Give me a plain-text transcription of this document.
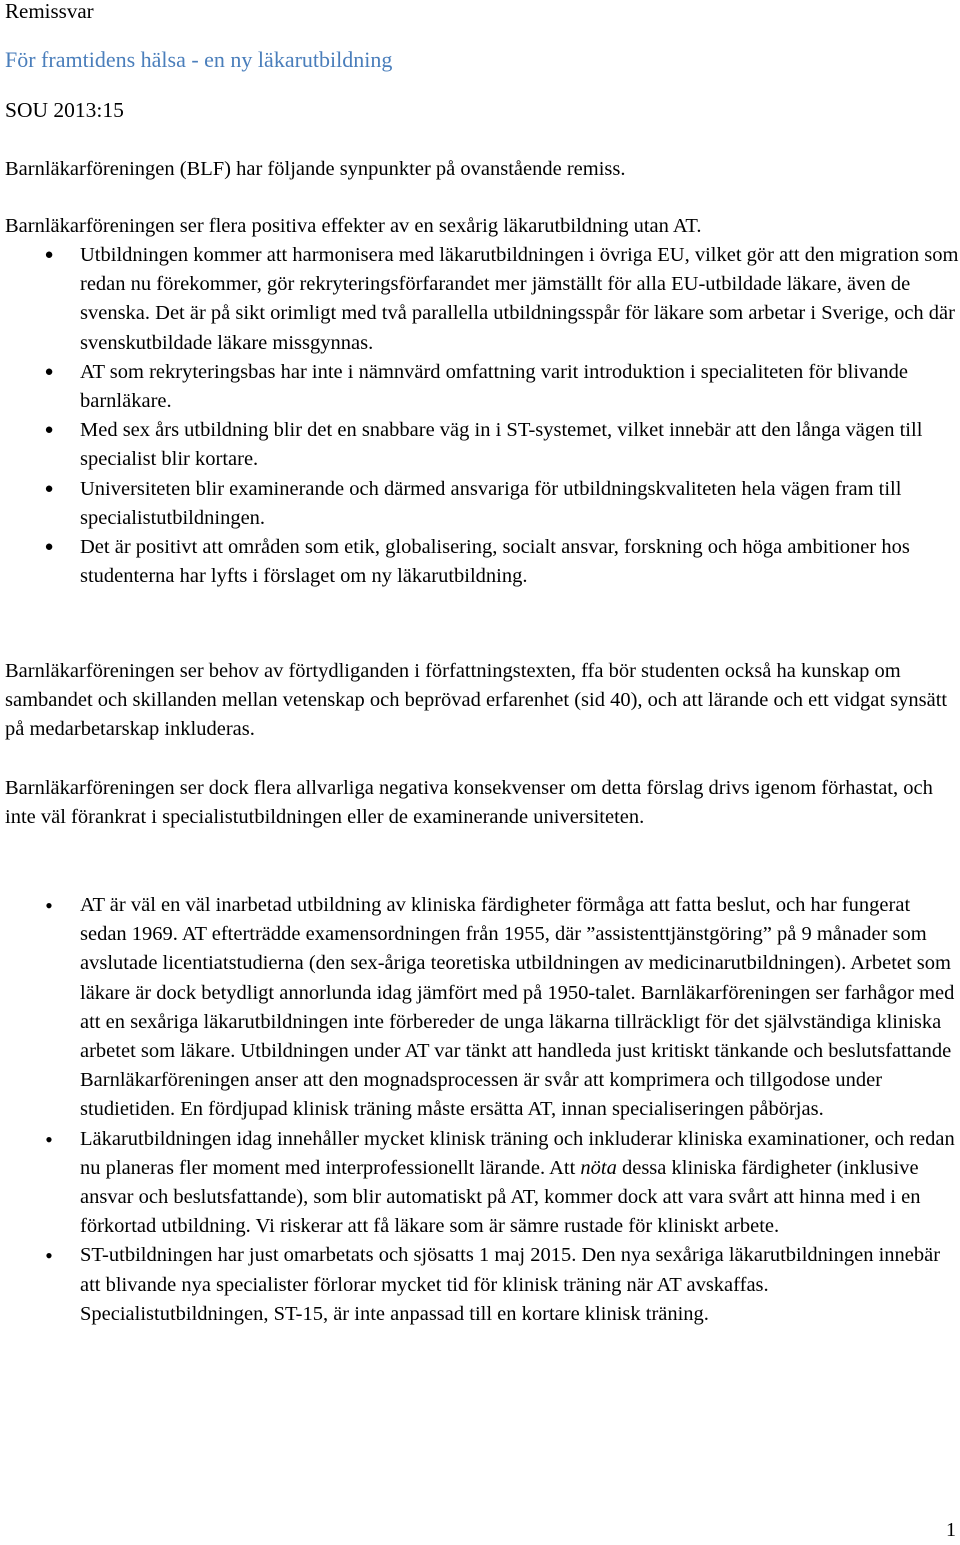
Remissvar

För framtidens hälsa - en ny läkarutbildning

SOU 2013:15

Barnläkarföreningen (BLF) har följande synpunkter på ovanstående remiss.

Barnläkarföreningen ser flera positiva effekter av en sexårig läkarutbildning utan AT.

● Utbildningen kommer att harmonisera med läkarutbildningen i övriga EU, vilket gör att den migration som redan nu förekommer, gör rekryteringsförfarandet mer jämställt för alla EU-utbildade läkare, även de svenska. Det är på sikt orimligt med två parallella utbildningsspår för läkare som arbetar i Sverige, och där svenskutbildade läkare missgynnas.
● AT som rekryteringsbas har inte i nämnvärd omfattning varit introduktion i specialiteten för blivande barnläkare.
● Med sex års utbildning blir det en snabbare väg in i ST-systemet, vilket innebär att den långa vägen till specialist blir kortare.
● Universiteten blir examinerande och därmed ansvariga för utbildningskvaliteten hela vägen fram till specialistutbildningen.
● Det är positivt att områden som etik, globalisering, socialt ansvar, forskning och höga ambitioner hos studenterna har lyfts i förslaget om ny läkarutbildning.

Barnläkarföreningen ser behov av förtydliganden i författningstexten, ffa bör studenten också ha kunskap om sambandet och skillanden mellan vetenskap och beprövad erfarenhet (sid 40), och att lärande och ett vidgat synsätt på medarbetarskap inkluderas.

Barnläkarföreningen ser dock flera allvarliga negativa konsekvenser om detta förslag drivs igenom förhastat, och inte väl förankrat i specialistutbildningen eller de examinerande universiteten.

•	AT är väl en väl inarbetad utbildning av kliniska färdigheter förmåga att fatta beslut, och har fungerat sedan 1969. AT efterträdde examensordningen från 1955, där ”assistenttjänstgöring” på 9 månader som avslutade licentiatstudierna (den sex-åriga teoretiska utbildningen av medicinarutbildningen). Arbetet som läkare är dock betydligt annorlunda idag jämfört med på 1950-talet. Barnläkarföreningen ser farhågor med att en sexåriga läkarutbildningen inte förbereder de unga läkarna tillräckligt för det självständiga kliniska arbetet som läkare. Utbildningen under AT var tänkt att handleda just kritiskt tänkande och beslutsfattande Barnläkarföreningen anser att den mognadsprocessen är svår att komprimera och tillgodose under studietiden. En fördjupad klinisk träning måste ersätta AT, innan specialiseringen påbörjas.
•	Läkarutbildningen idag innehåller mycket klinisk träning och inkluderar kliniska examinationer, och redan nu planeras fler moment med interprofessionellt lärande. Att nöta dessa kliniska färdigheter (inklusive ansvar och beslutsfattande), som blir automatiskt på AT, kommer dock att vara svårt att hinna med i en förkortad utbildning. Vi riskerar att få läkare som är sämre rustade för kliniskt arbete.
•	ST-utbildningen har just omarbetats och sjösatts 1 maj 2015. Den nya sexåriga läkarutbildningen innebär att blivande nya specialister förlorar mycket tid för klinisk träning när AT avskaffas. Specialistutbildningen, ST-15, är inte anpassad till en kortare klinisk träning.
1
